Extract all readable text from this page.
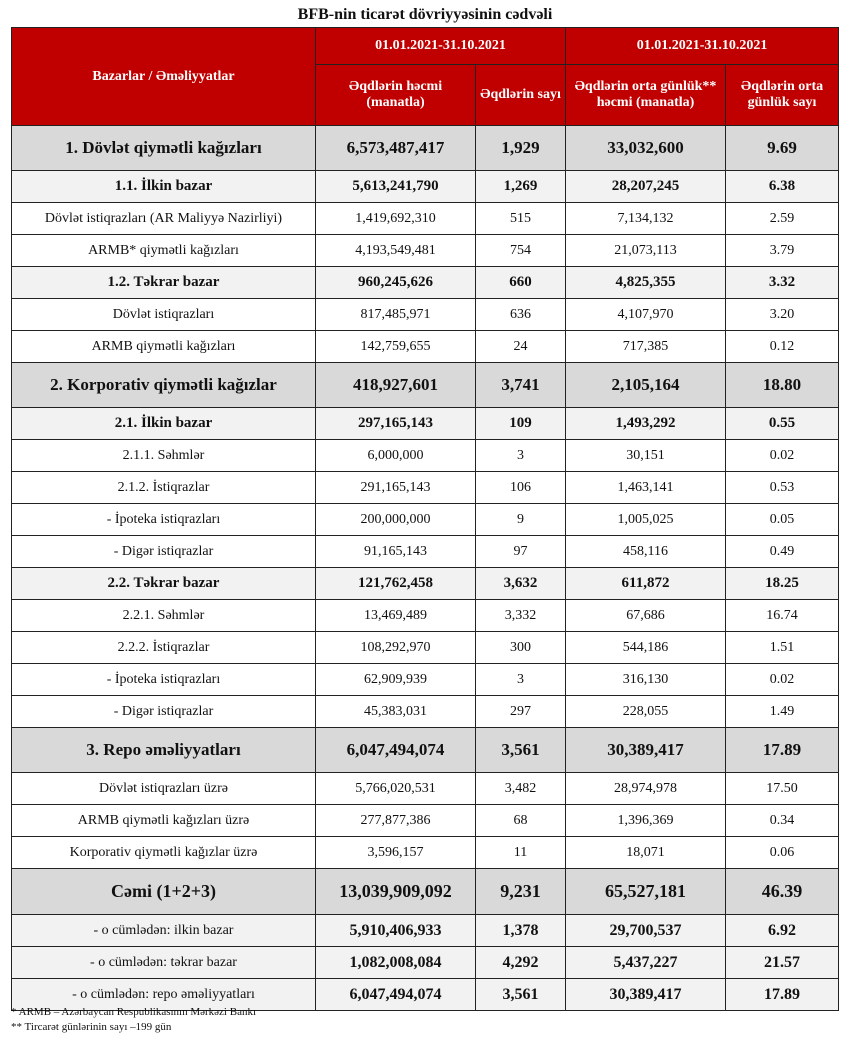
BFB-nin ticarət dövriyyəsinin cədvəli
Bazarlar / Əməliyyatlar	01.01.2021-31.10.2021		01.01.2021-31.10.2021	
	Əqdlərin həcmi (manatla)	Əqdlərin sayı	Əqdlərin orta günlük** həcmi (manatla)	Əqdlərin orta günlük sayı
1. Dövlət qiymətli kağızları	6,573,487,417	1,929	33,032,600	9.69
1.1. İlkin bazar	5,613,241,790	1,269	28,207,245	6.38
Dövlət istiqrazları (AR Maliyyə Nazirliyi)	1,419,692,310	515	7,134,132	2.59
ARMB* qiymətli kağızları	4,193,549,481	754	21,073,113	3.79
1.2. Təkrar bazar	960,245,626	660	4,825,355	3.32
Dövlət istiqrazları	817,485,971	636	4,107,970	3.20
ARMB qiymətli kağızları	142,759,655	24	717,385	0.12
2. Korporativ qiymətli kağızlar	418,927,601	3,741	2,105,164	18.80
2.1. İlkin bazar	297,165,143	109	1,493,292	0.55
2.1.1. Səhmlər	6,000,000	3	30,151	0.02
2.1.2. İstiqrazlar	291,165,143	106	1,463,141	0.53
- İpoteka istiqrazları	200,000,000	9	1,005,025	0.05
- Digər istiqrazlar	91,165,143	97	458,116	0.49
2.2. Təkrar bazar	121,762,458	3,632	611,872	18.25
2.2.1. Səhmlər	13,469,489	3,332	67,686	16.74
2.2.2. İstiqrazlar	108,292,970	300	544,186	1.51
- İpoteka istiqrazları	62,909,939	3	316,130	0.02
- Digər istiqrazlar	45,383,031	297	228,055	1.49
3. Repo əməliyyatları	6,047,494,074	3,561	30,389,417	17.89
Dövlət istiqrazları üzrə	5,766,020,531	3,482	28,974,978	17.50
ARMB qiymətli kağızları üzrə	277,877,386	68	1,396,369	0.34
Korporativ qiymətli kağızlar üzrə	3,596,157	11	18,071	0.06
Cəmi (1+2+3)	13,039,909,092	9,231	65,527,181	46.39
- o cümlədən: ilkin bazar	5,910,406,933	1,378	29,700,537	6.92
- o cümlədən: təkrar bazar	1,082,008,084	4,292	5,437,227	21.57
- o cümlədən: repo əməliyyatları	6,047,494,074	3,561	30,389,417	17.89
* ARMB – Azərbaycan Respublikasının Mərkəzi Bankı
** Tircarət günlərinin sayı –199 gün
